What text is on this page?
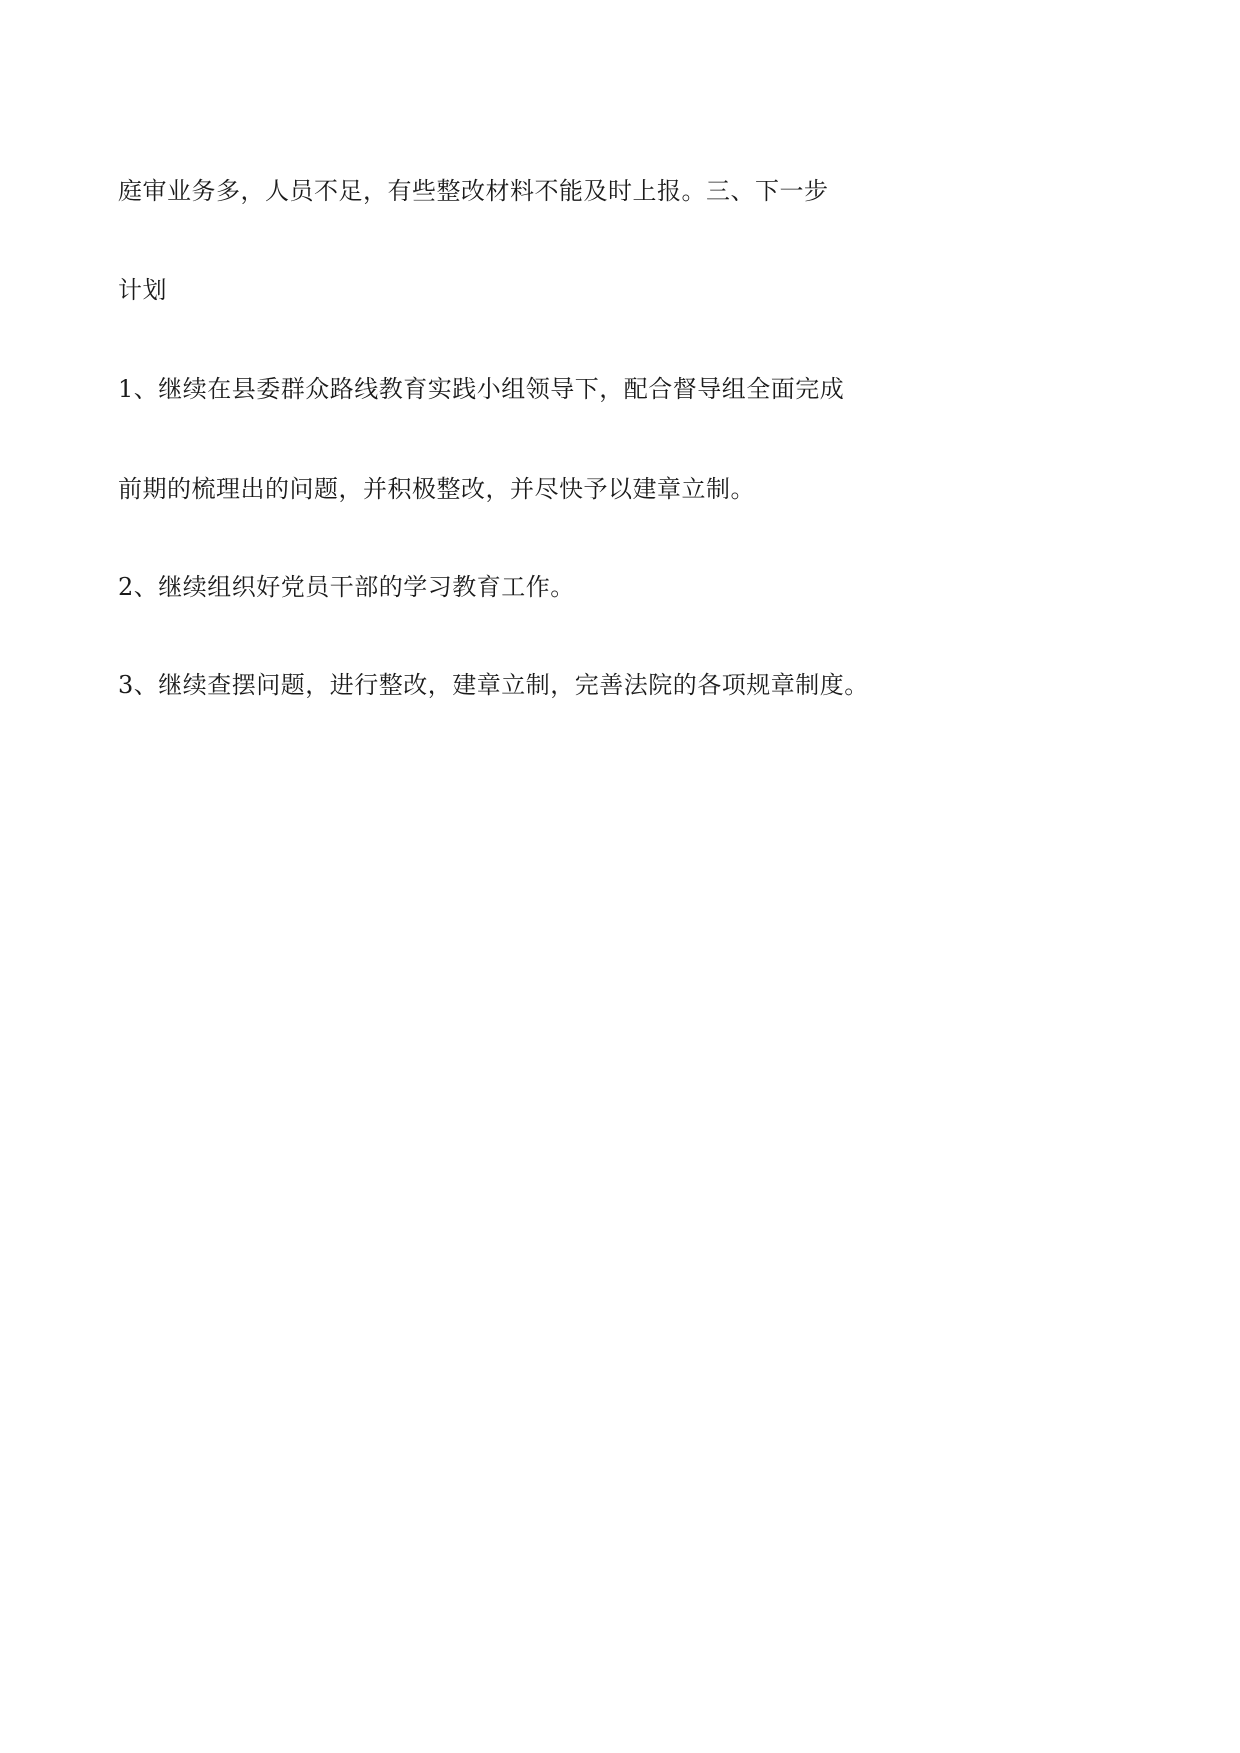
庭审业务多，人员不足，有些整改材料不能及时上报。三、下一步
计划
1、继续在县委群众路线教育实践小组领导下，配合督导组全面完成
前期的梳理出的问题，并积极整改，并尽快予以建章立制。
2、继续组织好党员干部的学习教育工作。
3、继续查摆问题，进行整改，建章立制，完善法院的各项规章制度。
